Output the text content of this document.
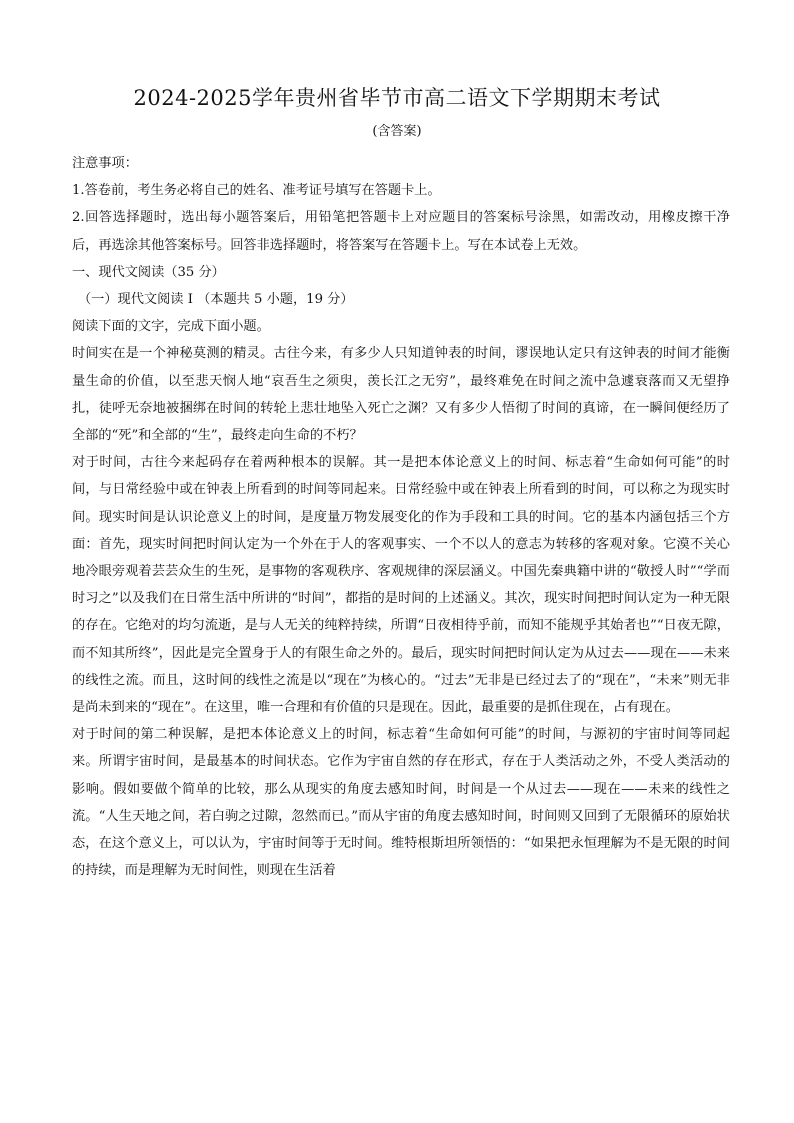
2024-2025学年贵州省毕节市高二语文下学期期末考试
(含答案)

注意事项：

1.答卷前，考生务必将自己的姓名、准考证号填写在答题卡上。

2.回答选择题时，选出每小题答案后，用铅笔把答题卡上对应题目的答案标号涂黑，如需改动，用橡皮擦干净后，再选涂其他答案标号。回答非选择题时，将答案写在答题卡上。写在本试卷上无效。

一、现代文阅读（35 分）

（一）现代文阅读 I （本题共 5 小题，19 分）

阅读下面的文字，完成下面小题。

时间实在是一个神秘莫测的精灵。古往今来，有多少人只知道钟表的时间，谬误地认定只有这钟表的时间才能衡量生命的价值，以至悲天悯人地“哀吾生之须臾，羡长江之无穷”，最终难免在时间之流中急遽衰落而又无望挣扎，徒呼无奈地被捆绑在时间的转轮上悲壮地坠入死亡之渊？又有多少人悟彻了时间的真谛，在一瞬间便经历了全部的“死”和全部的“生”，最终走向生命的不朽？

对于时间，古往今来起码存在着两种根本的误解。其一是把本体论意义上的时间、标志着“生命如何可能”的时间，与日常经验中或在钟表上所看到的时间等同起来。日常经验中或在钟表上所看到的时间，可以称之为现实时间。现实时间是认识论意义上的时间，是度量万物发展变化的作为手段和工具的时间。它的基本内涵包括三个方面：首先，现实时间把时间认定为一个外在于人的客观事实、一个不以人的意志为转移的客观对象。它漠不关心地冷眼旁观着芸芸众生的生死，是事物的客观秩序、客观规律的深层涵义。中国先秦典籍中讲的“敬授人时”“学而时习之”以及我们在日常生活中所讲的“时间”，都指的是时间的上述涵义。其次，现实时间把时间认定为一种无限的存在。它绝对的均匀流逝，是与人无关的纯粹持续，所谓“日夜相待乎前，而知不能规乎其始者也”“日夜无隙，而不知其所终”，因此是完全置身于人的有限生命之外的。最后，现实时间把时间认定为从过去——现在——未来的线性之流。而且，这时间的线性之流是以“现在”为核心的。“过去”无非是已经过去了的“现在”，“未来”则无非是尚未到来的“现在”。在这里，唯一合理和有价值的只是现在。因此，最重要的是抓住现在，占有现在。

对于时间的第二种误解，是把本体论意义上的时间，标志着“生命如何可能”的时间，与源初的宇宙时间等同起来。所谓宇宙时间，是最基本的时间状态。它作为宇宙自然的存在形式，存在于人类活动之外，不受人类活动的影响。假如要做个简单的比较，那么从现实的角度去感知时间，时间是一个从过去——现在——未来的线性之流。“人生天地之间，若白驹之过隙，忽然而已。”而从宇宙的角度去感知时间，时间则又回到了无限循环的原始状态，在这个意义上，可以认为，宇宙时间等于无时间。维特根斯坦所领悟的：“如果把永恒理解为不是无限的时间的持续，而是理解为无时间性，则现在生活着
